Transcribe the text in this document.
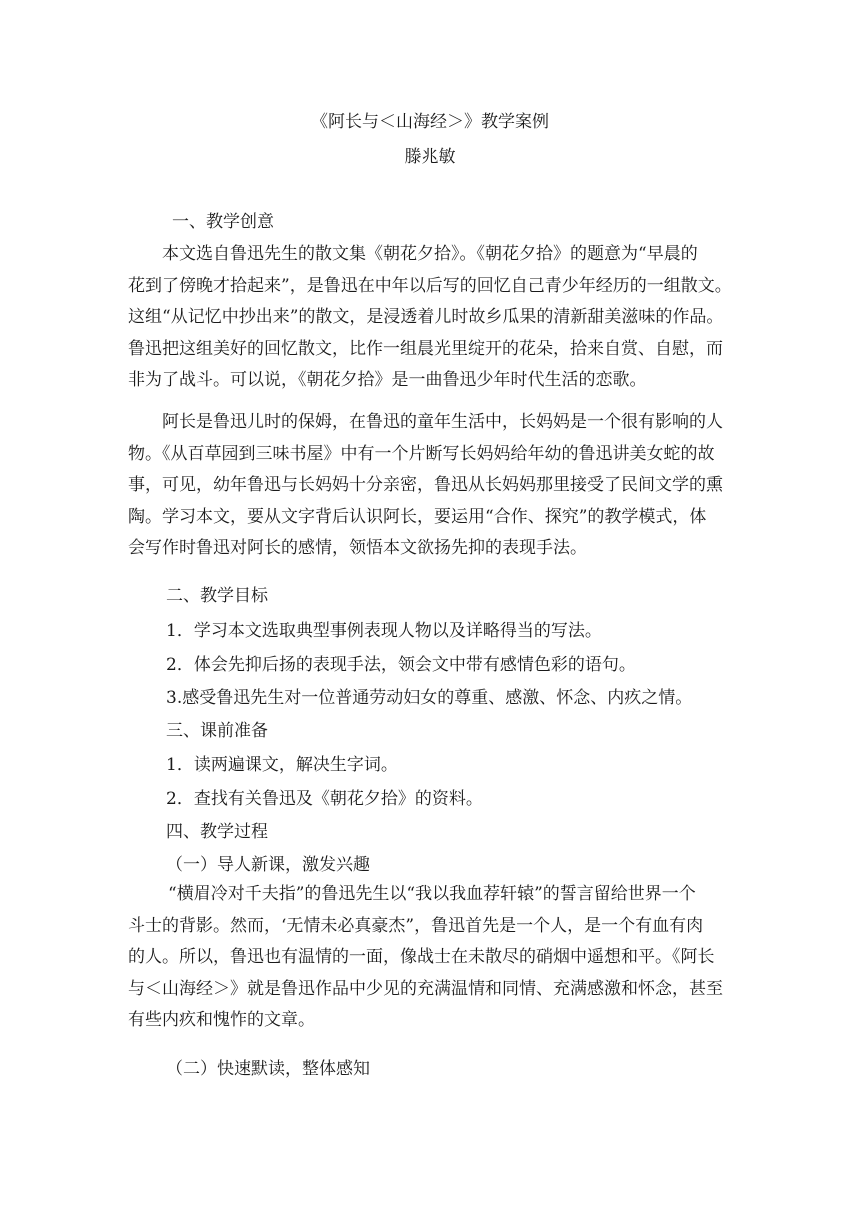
《阿长与＜山海经＞》教学案例
滕兆敏
一、教学创意
本文选自鲁迅先生的散文集《朝花夕拾》。《朝花夕拾》的题意为“早晨的
花到了傍晚才拾起来”，是鲁迅在中年以后写的回忆自己青少年经历的一组散文。
这组“从记忆中抄出来”的散文，是浸透着儿时故乡瓜果的清新甜美滋味的作品。
鲁迅把这组美好的回忆散文，比作一组晨光里绽开的花朵，拾来自赏、自慰，而
非为了战斗。可以说，《朝花夕拾》是一曲鲁迅少年时代生活的恋歌。
阿长是鲁迅儿时的保姆，在鲁迅的童年生活中，长妈妈是一个很有影响的人
物。《从百草园到三味书屋》中有一个片断写长妈妈给年幼的鲁迅讲美女蛇的故
事，可见，幼年鲁迅与长妈妈十分亲密，鲁迅从长妈妈那里接受了民间文学的熏
陶。学习本文，要从文字背后认识阿长，要运用“合作、探究”的教学模式，体
会写作时鲁迅对阿长的感情，领悟本文欲扬先抑的表现手法。
二、教学目标
1．学习本文选取典型事例表现人物以及详略得当的写法。
2．体会先抑后扬的表现手法，领会文中带有感情色彩的语句。
3.感受鲁迅先生对一位普通劳动妇女的尊重、感激、怀念、内疚之情。
三、课前准备
1．读两遍课文，解决生字词。
2．查找有关鲁迅及《朝花夕拾》的资料。
四、教学过程
（一）导人新课，激发兴趣
“横眉冷对千夫指”的鲁迅先生以“我以我血荐轩辕”的誓言留给世界一个
斗士的背影。然而，‘无情未必真豪杰”，鲁迅首先是一个人，是一个有血有肉
的人。所以，鲁迅也有温情的一面，像战士在未散尽的硝烟中遥想和平。《阿长
与＜山海经＞》就是鲁迅作品中少见的充满温情和同情、充满感激和怀念，甚至
有些内疚和愧怍的文章。
（二）快速默读，整体感知
